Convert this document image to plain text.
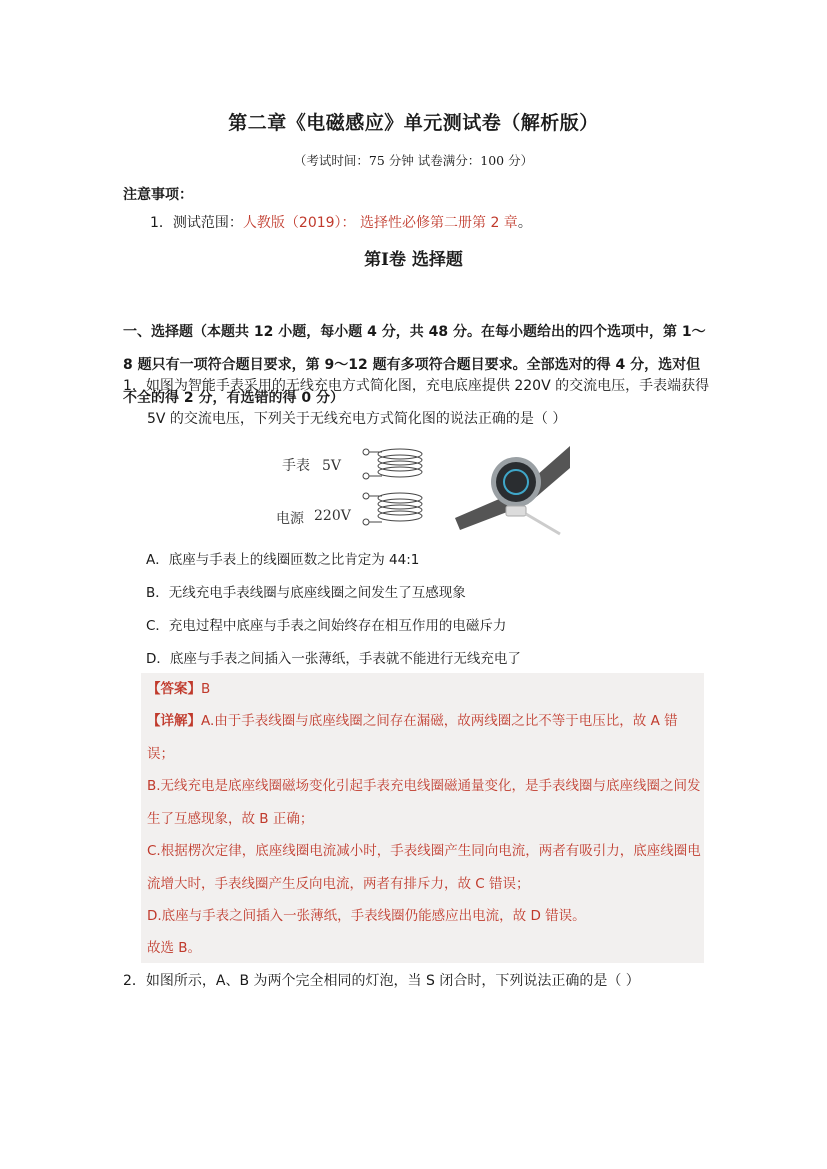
第二章《电磁感应》单元测试卷（解析版）
（考试时间：75 分钟 试卷满分：100 分）
注意事项：
1．测试范围：人教版（2019）： 选择性必修第二册第 2 章。
第Ⅰ卷 选择题
一、选择题（本题共 12 小题，每小题 4 分，共 48 分。在每小题给出的四个选项中，第 1～8 题只有一项符合题目要求，第 9～12 题有多项符合题目要求。全部选对的得 4 分，选对但不全的得 2 分，有选错的得 0 分）
1．如图为智能手表采用的无线充电方式简化图，充电底座提供 220V 的交流电压，手表端获得 5V 的交流电压，下列关于无线充电方式简化图的说法正确的是（ ）
手表 5V
电源 220V
A．底座与手表上的线圈匝数之比肯定为 44:1
B．无线充电手表线圈与底座线圈之间发生了互感现象
C．充电过程中底座与手表之间始终存在相互作用的电磁斥力
D．底座与手表之间插入一张薄纸，手表就不能进行无线充电了
【答案】B
【详解】A.由于手表线圈与底座线圈之间存在漏磁，故两线圈之比不等于电压比，故 A 错误；
B.无线充电是底座线圈磁场变化引起手表充电线圈磁通量变化，是手表线圈与底座线圈之间发生了互感现象，故 B 正确；
C.根据楞次定律，底座线圈电流减小时，手表线圈产生同向电流，两者有吸引力，底座线圈电流增大时，手表线圈产生反向电流，两者有排斥力，故 C 错误；
D.底座与手表之间插入一张薄纸，手表线圈仍能感应出电流，故 D 错误。
故选 B。
2．如图所示，A、B 为两个完全相同的灯泡，当 S 闭合时，下列说法正确的是（ ）
